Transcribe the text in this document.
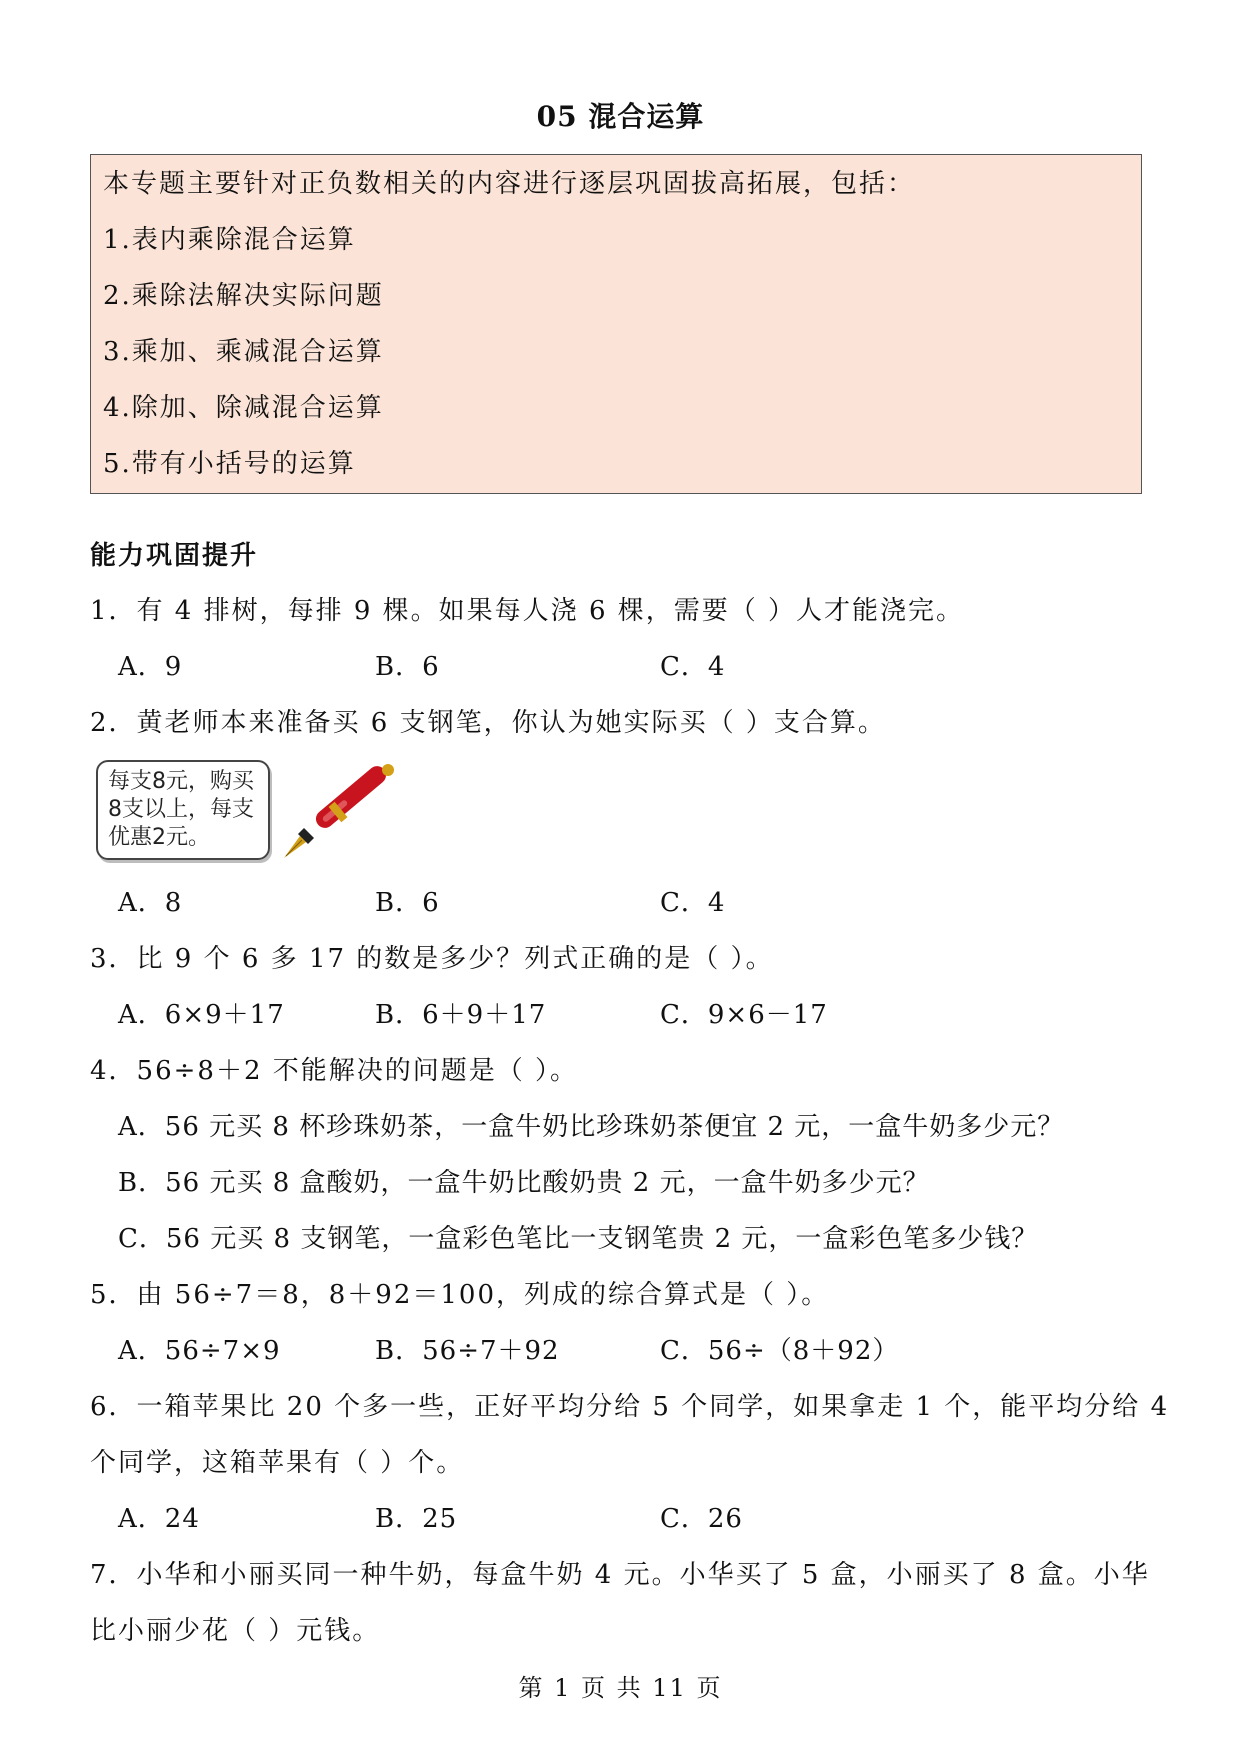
05 混合运算
本专题主要针对正负数相关的内容进行逐层巩固拔高拓展，包括：
1.表内乘除混合运算
2.乘除法解决实际问题
3.乘加、乘减混合运算
4.除加、除减混合运算
5.带有小括号的运算
能力巩固提升
1．有 4 排树，每排 9 棵。如果每人浇 6 棵，需要（ ）人才能浇完。
A．9	B．6	C．4
2．黄老师本来准备买 6 支钢笔，你认为她实际买（ ）支合算。
每支8元，购买
8支以上，每支
优惠2元。
A．8	B．6	C．4
3．比 9 个 6 多 17 的数是多少？列式正确的是（ ）。
A．6×9＋17	B．6＋9＋17	C．9×6－17
4．56÷8＋2 不能解决的问题是（ ）。
A．56 元买 8 杯珍珠奶茶，一盒牛奶比珍珠奶茶便宜 2 元，一盒牛奶多少元？
B．56 元买 8 盒酸奶，一盒牛奶比酸奶贵 2 元，一盒牛奶多少元？
C．56 元买 8 支钢笔，一盒彩色笔比一支钢笔贵 2 元，一盒彩色笔多少钱？
5．由 56÷7＝8，8＋92＝100，列成的综合算式是（ ）。
A．56÷7×9	B．56÷7＋92	C．56÷（8＋92）
6．一箱苹果比 20 个多一些，正好平均分给 5 个同学，如果拿走 1 个，能平均分给 4
个同学，这箱苹果有（ ）个。
A．24	B．25	C．26
7．小华和小丽买同一种牛奶，每盒牛奶 4 元。小华买了 5 盒，小丽买了 8 盒。小华
比小丽少花（ ）元钱。
第 1 页 共 11 页
